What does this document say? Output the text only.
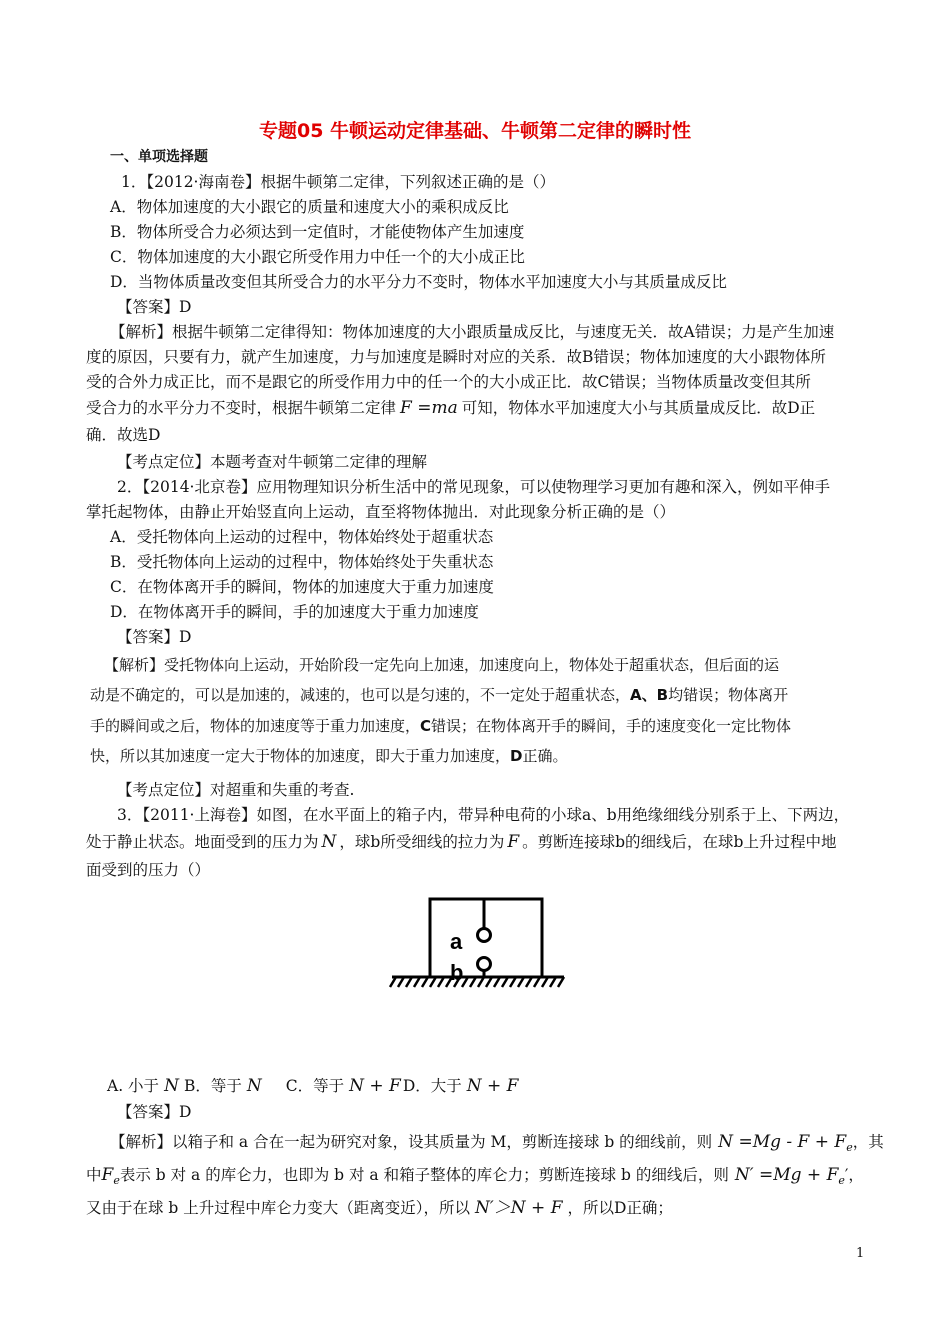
专题05 牛顿运动定律基础、牛顿第二定律的瞬时性
一、单项选择题
1．【2012·海南卷】根据牛顿第二定律，下列叙述正确的是（）
A．物体加速度的大小跟它的质量和速度大小的乘积成反比
B．物体所受合力必须达到一定值时，才能使物体产生加速度
C．物体加速度的大小跟它所受作用力中任一个的大小成正比
D．当物体质量改变但其所受合力的水平分力不变时，物体水平加速度大小与其质量成反比
【答案】D
【解析】根据牛顿第二定律得知：物体加速度的大小跟质量成反比，与速度无关．故A错误；力是产生加速
度的原因，只要有力，就产生加速度，力与加速度是瞬时对应的关系．故B错误；物体加速度的大小跟物体所
受的合外力成正比，而不是跟它的所受作用力中的任一个的大小成正比．故C错误；当物体质量改变但其所
受合力的水平分力不变时，根据牛顿第二定律 F =ma 可知，物体水平加速度大小与其质量成反比．故D正
确．故选D
【考点定位】本题考查对牛顿第二定律的理解
2．【2014·北京卷】应用物理知识分析生活中的常见现象，可以使物理学习更加有趣和深入，例如平伸手
掌托起物体，由静止开始竖直向上运动，直至将物体抛出．对此现象分析正确的是（）
A．受托物体向上运动的过程中，物体始终处于超重状态
B．受托物体向上运动的过程中，物体始终处于失重状态
C．在物体离开手的瞬间，物体的加速度大于重力加速度
D．在物体离开手的瞬间，手的加速度大于重力加速度
【答案】D
【解析】受托物体向上运动，开始阶段一定先向上加速，加速度向上，物体处于超重状态，但后面的运
动是不确定的，可以是加速的，减速的，也可以是匀速的，不一定处于超重状态，A、B均错误；物体离开
手的瞬间或之后，物体的加速度等于重力加速度，C错误；在物体离开手的瞬间，手的速度变化一定比物体
快，所以其加速度一定大于物体的加速度，即大于重力加速度，D正确。
【考点定位】对超重和失重的考查.
3．【2011·上海卷】如图，在水平面上的箱子内，带异种电荷的小球a、b用绝缘细线分别系于上、下两边，
处于静止状态。地面受到的压力为 N ，球b所受细线的拉力为 F 。剪断连接球b的细线后，在球b上升过程中地
面受到的压力（）
a
b
A. 小于 N B．等于 N C．等于 N + F D．大于 N + F
【答案】D
【解析】以箱子和 a 合在一起为研究对象，设其质量为 M，剪断连接球 b 的细线前，则 $N =Mg - F + F_e$，其
中$F_e$表示 b 对 a 的库仑力，也即为 b 对 a 和箱子整体的库仑力；剪断连接球 b 的细线后，则 $N' =Mg + F_e'$，
又由于在球 b 上升过程中库仑力变大（距离变近），所以 N′＞N + F ，所以D正确；
1
